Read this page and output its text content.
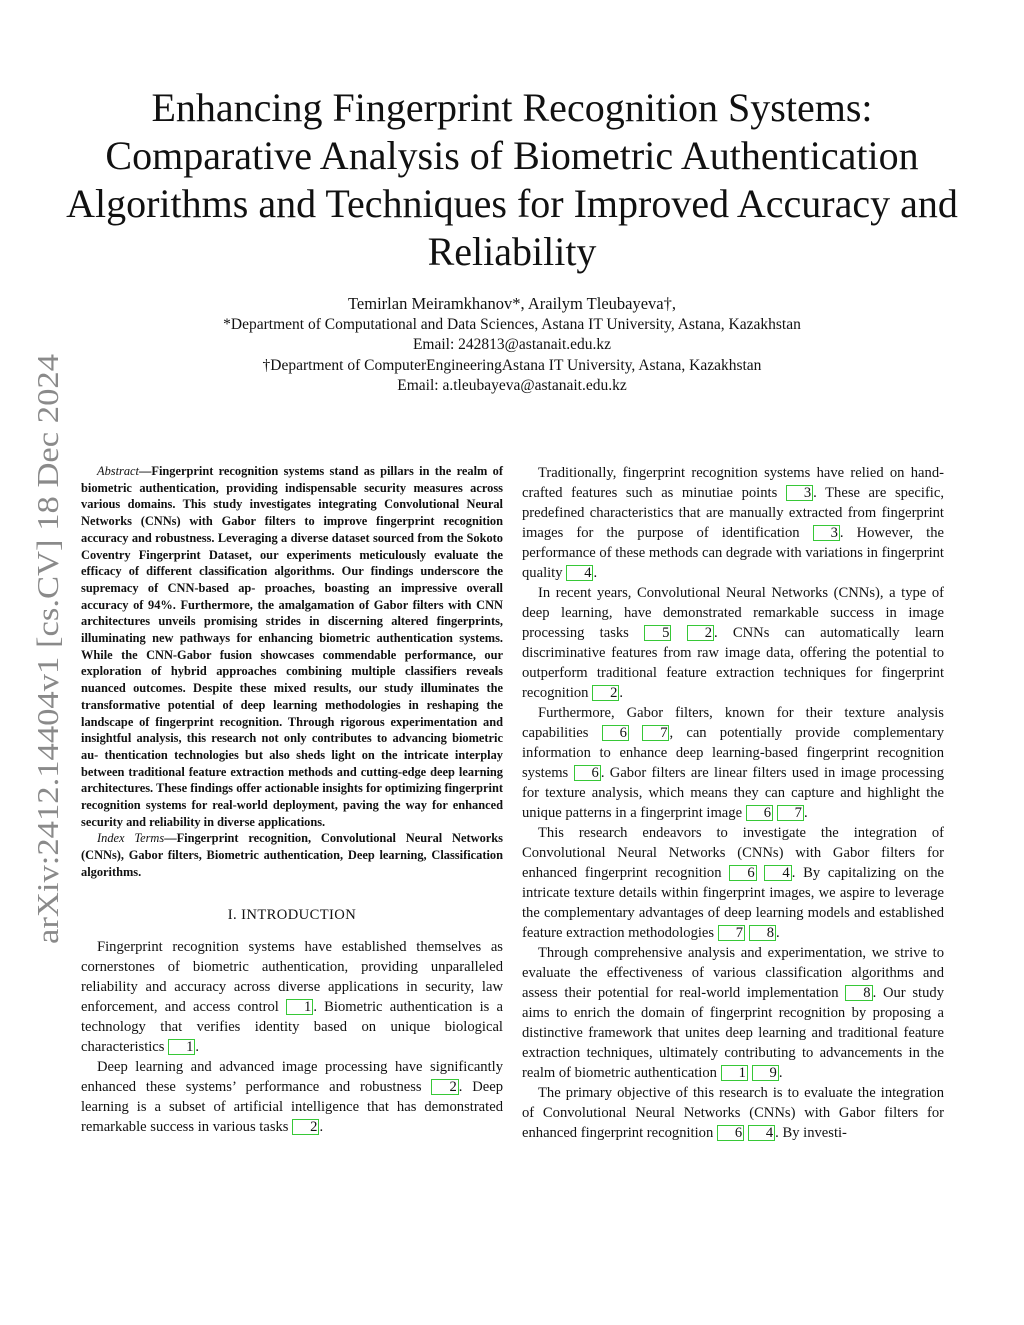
arXiv:2412.14404v1 [cs.CV] 18 Dec 2024
Enhancing Fingerprint Recognition Systems: Comparative Analysis of Biometric Authentication Algorithms and Techniques for Improved Accuracy and Reliability
Temirlan Meiramkhanov*, Arailym Tleubayeva†,
*Department of Computational and Data Sciences, Astana IT University, Astana, Kazakhstan
Email: 242813@astanait.edu.kz
†Department of ComputerEngineeringAstana IT University, Astana, Kazakhstan
Email: a.tleubayeva@astanait.edu.kz

Abstract—Fingerprint recognition systems stand as pillars in the realm of biometric authentication, providing indispensable security measures across various domains. This study investigates integrating Convolutional Neural Networks (CNNs) with Gabor filters to improve fingerprint recognition accuracy and robustness. Leveraging a diverse dataset sourced from the Sokoto Coventry Fingerprint Dataset, our experiments meticulously evaluate the efficacy of different classification algorithms. Our findings underscore the supremacy of CNN-based ap- proaches, boasting an impressive overall accuracy of 94%. Furthermore, the amalgamation of Gabor filters with CNN architectures unveils promising strides in discerning altered fingerprints, illuminating new pathways for enhancing biometric authentication systems. While the CNN-Gabor fusion showcases commendable performance, our exploration of hybrid approaches combining multiple classifiers reveals nuanced outcomes. Despite these mixed results, our study illuminates the transformative potential of deep learning methodologies in reshaping the landscape of fingerprint recognition. Through rigorous experimentation and insightful analysis, this research not only contributes to advancing biometric au- thentication technologies but also sheds light on the intricate interplay between traditional feature extraction methods and cutting-edge deep learning architectures. These findings offer actionable insights for optimizing fingerprint recognition systems for real-world deployment, paving the way for enhanced security and reliability in diverse applications.

Index Terms—Fingerprint recognition, Convolutional Neural Networks (CNNs), Gabor filters, Biometric authentication, Deep learning, Classification algorithms.

I. INTRODUCTION

Fingerprint recognition systems have established themselves as cornerstones of biometric authentication, providing unparalleled reliability and accuracy across diverse applications in security, law enforcement, and access control 1 . Biometric authentication is a technology that verifies identity based on unique biological characteristics 1 .

Deep learning and advanced image processing have significantly enhanced these systems’ performance and robustness 2 . Deep learning is a subset of artificial intelligence that has demonstrated remarkable success in various tasks 2 .

Traditionally, fingerprint recognition systems have relied on hand-crafted features such as minutiae points 3 . These are specific, predefined characteristics that are manually extracted from fingerprint images for the purpose of identification 3 . However, the performance of these methods can degrade with variations in fingerprint quality 4 .

In recent years, Convolutional Neural Networks (CNNs), a type of deep learning, have demonstrated remarkable success in image processing tasks 5 2 . CNNs can automatically learn discriminative features from raw image data, offering the potential to outperform traditional feature extraction techniques for fingerprint recognition 2 .

Furthermore, Gabor filters, known for their texture analysis capabilities 6 7 , can potentially provide complementary information to enhance deep learning-based fingerprint recognition systems 6 . Gabor filters are linear filters used in image processing for texture analysis, which means they can capture and highlight the unique patterns in a fingerprint image 6 7 .

This research endeavors to investigate the integration of Convolutional Neural Networks (CNNs) with Gabor filters for enhanced fingerprint recognition 6 4 . By capitalizing on the intricate texture details within fingerprint images, we aspire to leverage the complementary advantages of deep learning models and established feature extraction methodologies 7 8 .

Through comprehensive analysis and experimentation, we strive to evaluate the effectiveness of various classification algorithms and assess their potential for real-world implementation 8 . Our study aims to enrich the domain of fingerprint recognition by proposing a distinctive framework that unites deep learning and traditional feature extraction techniques, ultimately contributing to advancements in the realm of biometric authentication 1 9 .

The primary objective of this research is to evaluate the integration of Convolutional Neural Networks (CNNs) with Gabor filters for enhanced fingerprint recognition 6 4 . By investi-
